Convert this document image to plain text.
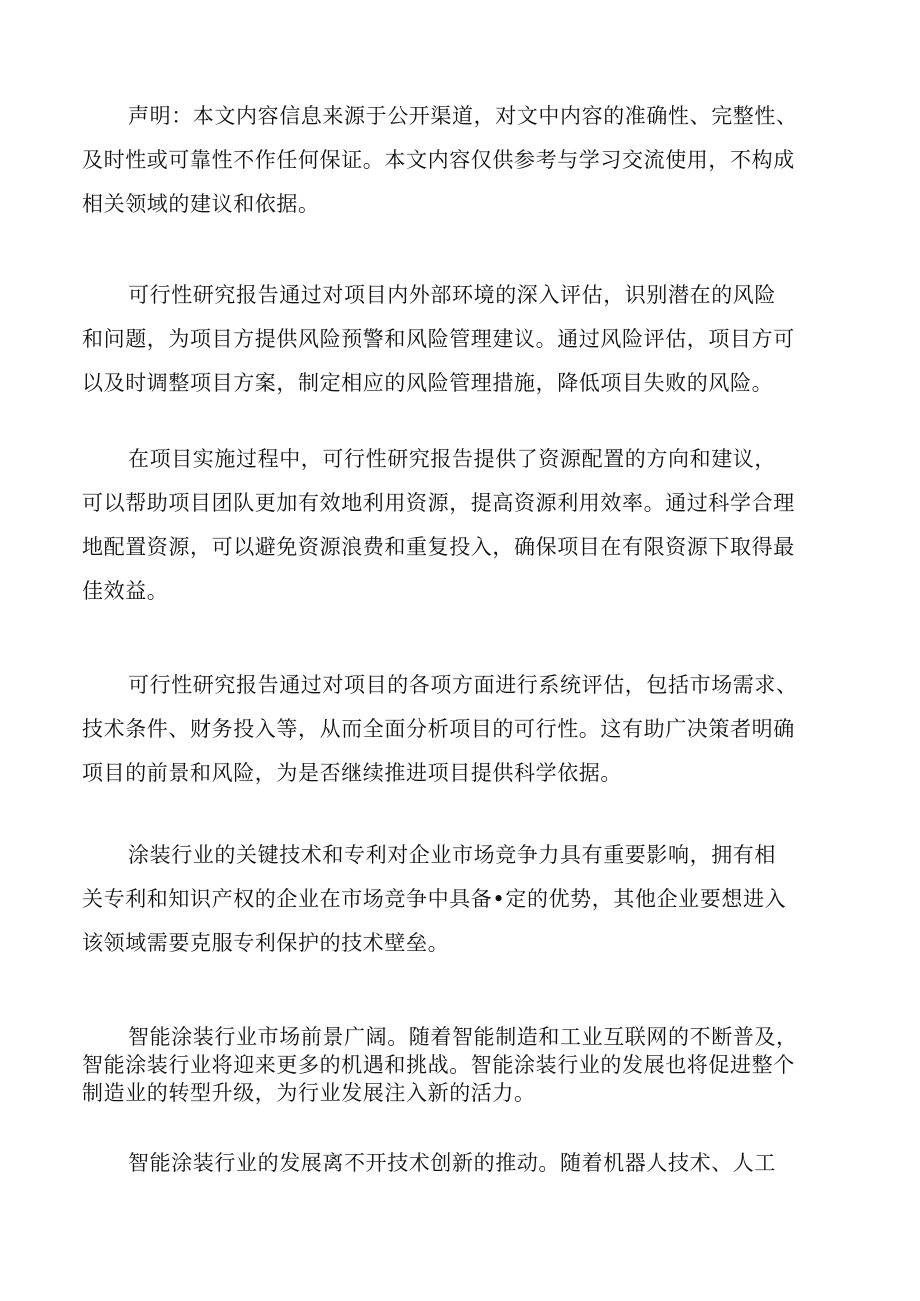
声明：本文内容信息来源于公开渠道，对文中内容的准确性、完整性、
及时性或可靠性不作任何保证。本文内容仅供参考与学习交流使用，不构成
相关领域的建议和依据。

可行性研究报告通过对项目内外部环境的深入评估，识别潜在的风险
和问题，为项目方提供风险预警和风险管理建议。通过风险评估，项目方可
以及时调整项目方案，制定相应的风险管理措施，降低项目失败的风险。

在项目实施过程中，可行性研究报告提供了资源配置的方向和建议，
可以帮助项目团队更加有效地利用资源，提高资源利用效率。通过科学合理
地配置资源，可以避免资源浪费和重复投入，确保项目在有限资源下取得最
佳效益。

可行性研究报告通过对项目的各项方面进行系统评估，包括市场需求、
技术条件、财务投入等，从而全面分析项目的可行性。这有助广决策者明确
项目的前景和风险，为是否继续推进项目提供科学依据。

涂装行业的关键技术和专利对企业市场竞争力具有重要影响，拥有相
关专利和知识产权的企业在市场竞争中具备•定的优势，其他企业要想进入
该领域需要克服专利保护的技术壁垒。

智能涂装行业市场前景广阔。随着智能制造和工业互联网的不断普及，
智能涂装行业将迎来更多的机遇和挑战。智能涂装行业的发展也将促进整个
制造业的转型升级，为行业发展注入新的活力。

智能涂装行业的发展离不开技术创新的推动。随着机器人技术、人工
